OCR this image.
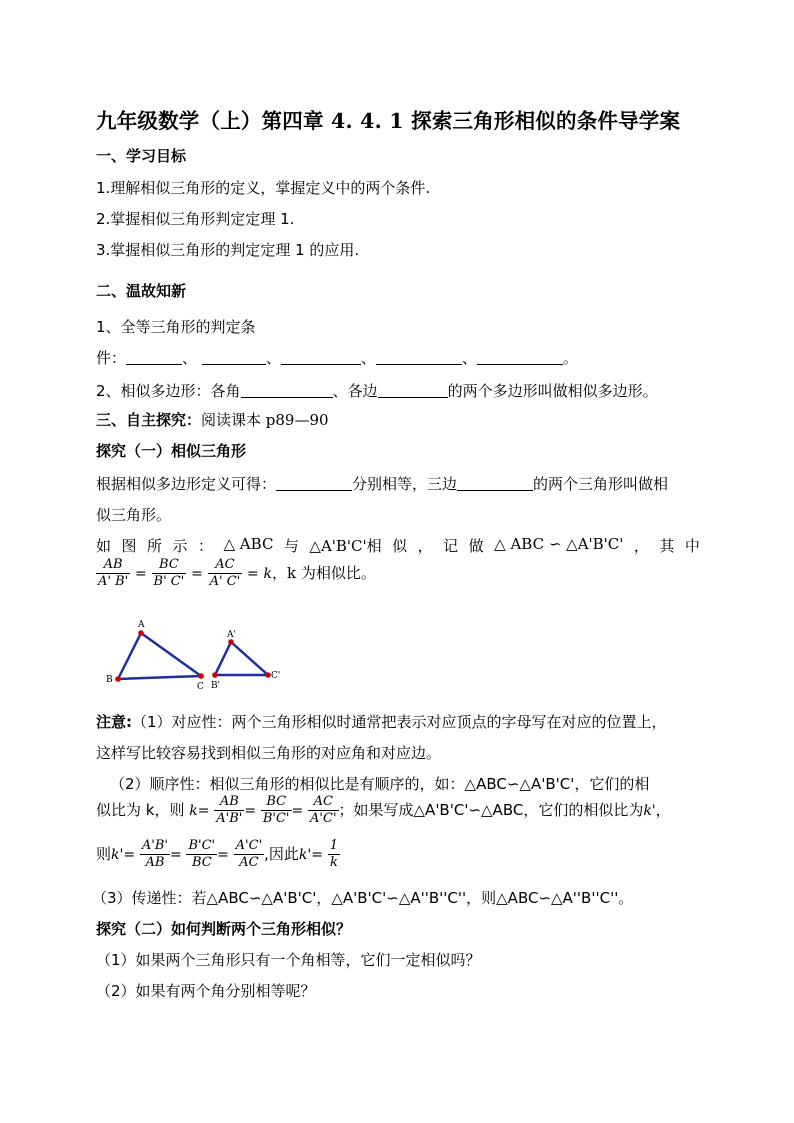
九年级数学（上）第四章 4. 4. 1 探索三角形相似的条件导学案
一、学习目标
1.理解相似三角形的定义，掌握定义中的两个条件.
2.掌握相似三角形判定定理 1.
3.掌握相似三角形的判定定理 1 的应用.
二、温故知新
1、全等三角形的判定条
件：	、	、	、	、	。
2、相似多边形：各角	、各边	的两个多边形叫做相似多边形。
三、自主探究：阅读课本 p89—90
探究（一）相似三角形
根据相似多边形定义可得：	分别相等，三边	的两个三角形叫做相
似三角形。
如 图 所 示 ： △ ABC 与 △A'B'C'相 似 ， 记 做 △ ABC ∽ △A'B'C' ， 其 中
$\frac{AB}{A' B'} = \frac{BC}{B' C'} = \frac{AC}{A' C'} = k$，k 为相似比。
A
B
C
A'
B'
C'
注意:（1）对应性：两个三角形相似时通常把表示对应顶点的字母写在对应的位置上，
这样写比较容易找到相似三角形的对应角和对应边。
（2）顺序性：相似三角形的相似比是有顺序的，如：△ABC∽△A'B'C'，它们的相
似比为 k，则 $k= \frac{AB}{A'B'} = \frac{BC}{B'C'} = \frac{AC}{A'C'}$ ；如果写成△A'B'C'∽△ABC，它们的相似比为k'，
则$k'= \frac{A'B'}{AB} = \frac{B'C'}{BC} = \frac{A'C'}{AC}$ ,因此$k'= \frac{1}{k}$
（3）传递性：若△ABC∽△A'B'C'，△A'B'C'∽△A''B''C''，则△ABC∽△A''B''C''。
探究（二）如何判断两个三角形相似？
（1）如果两个三角形只有一个角相等，它们一定相似吗？
（2）如果有两个角分别相等呢？
